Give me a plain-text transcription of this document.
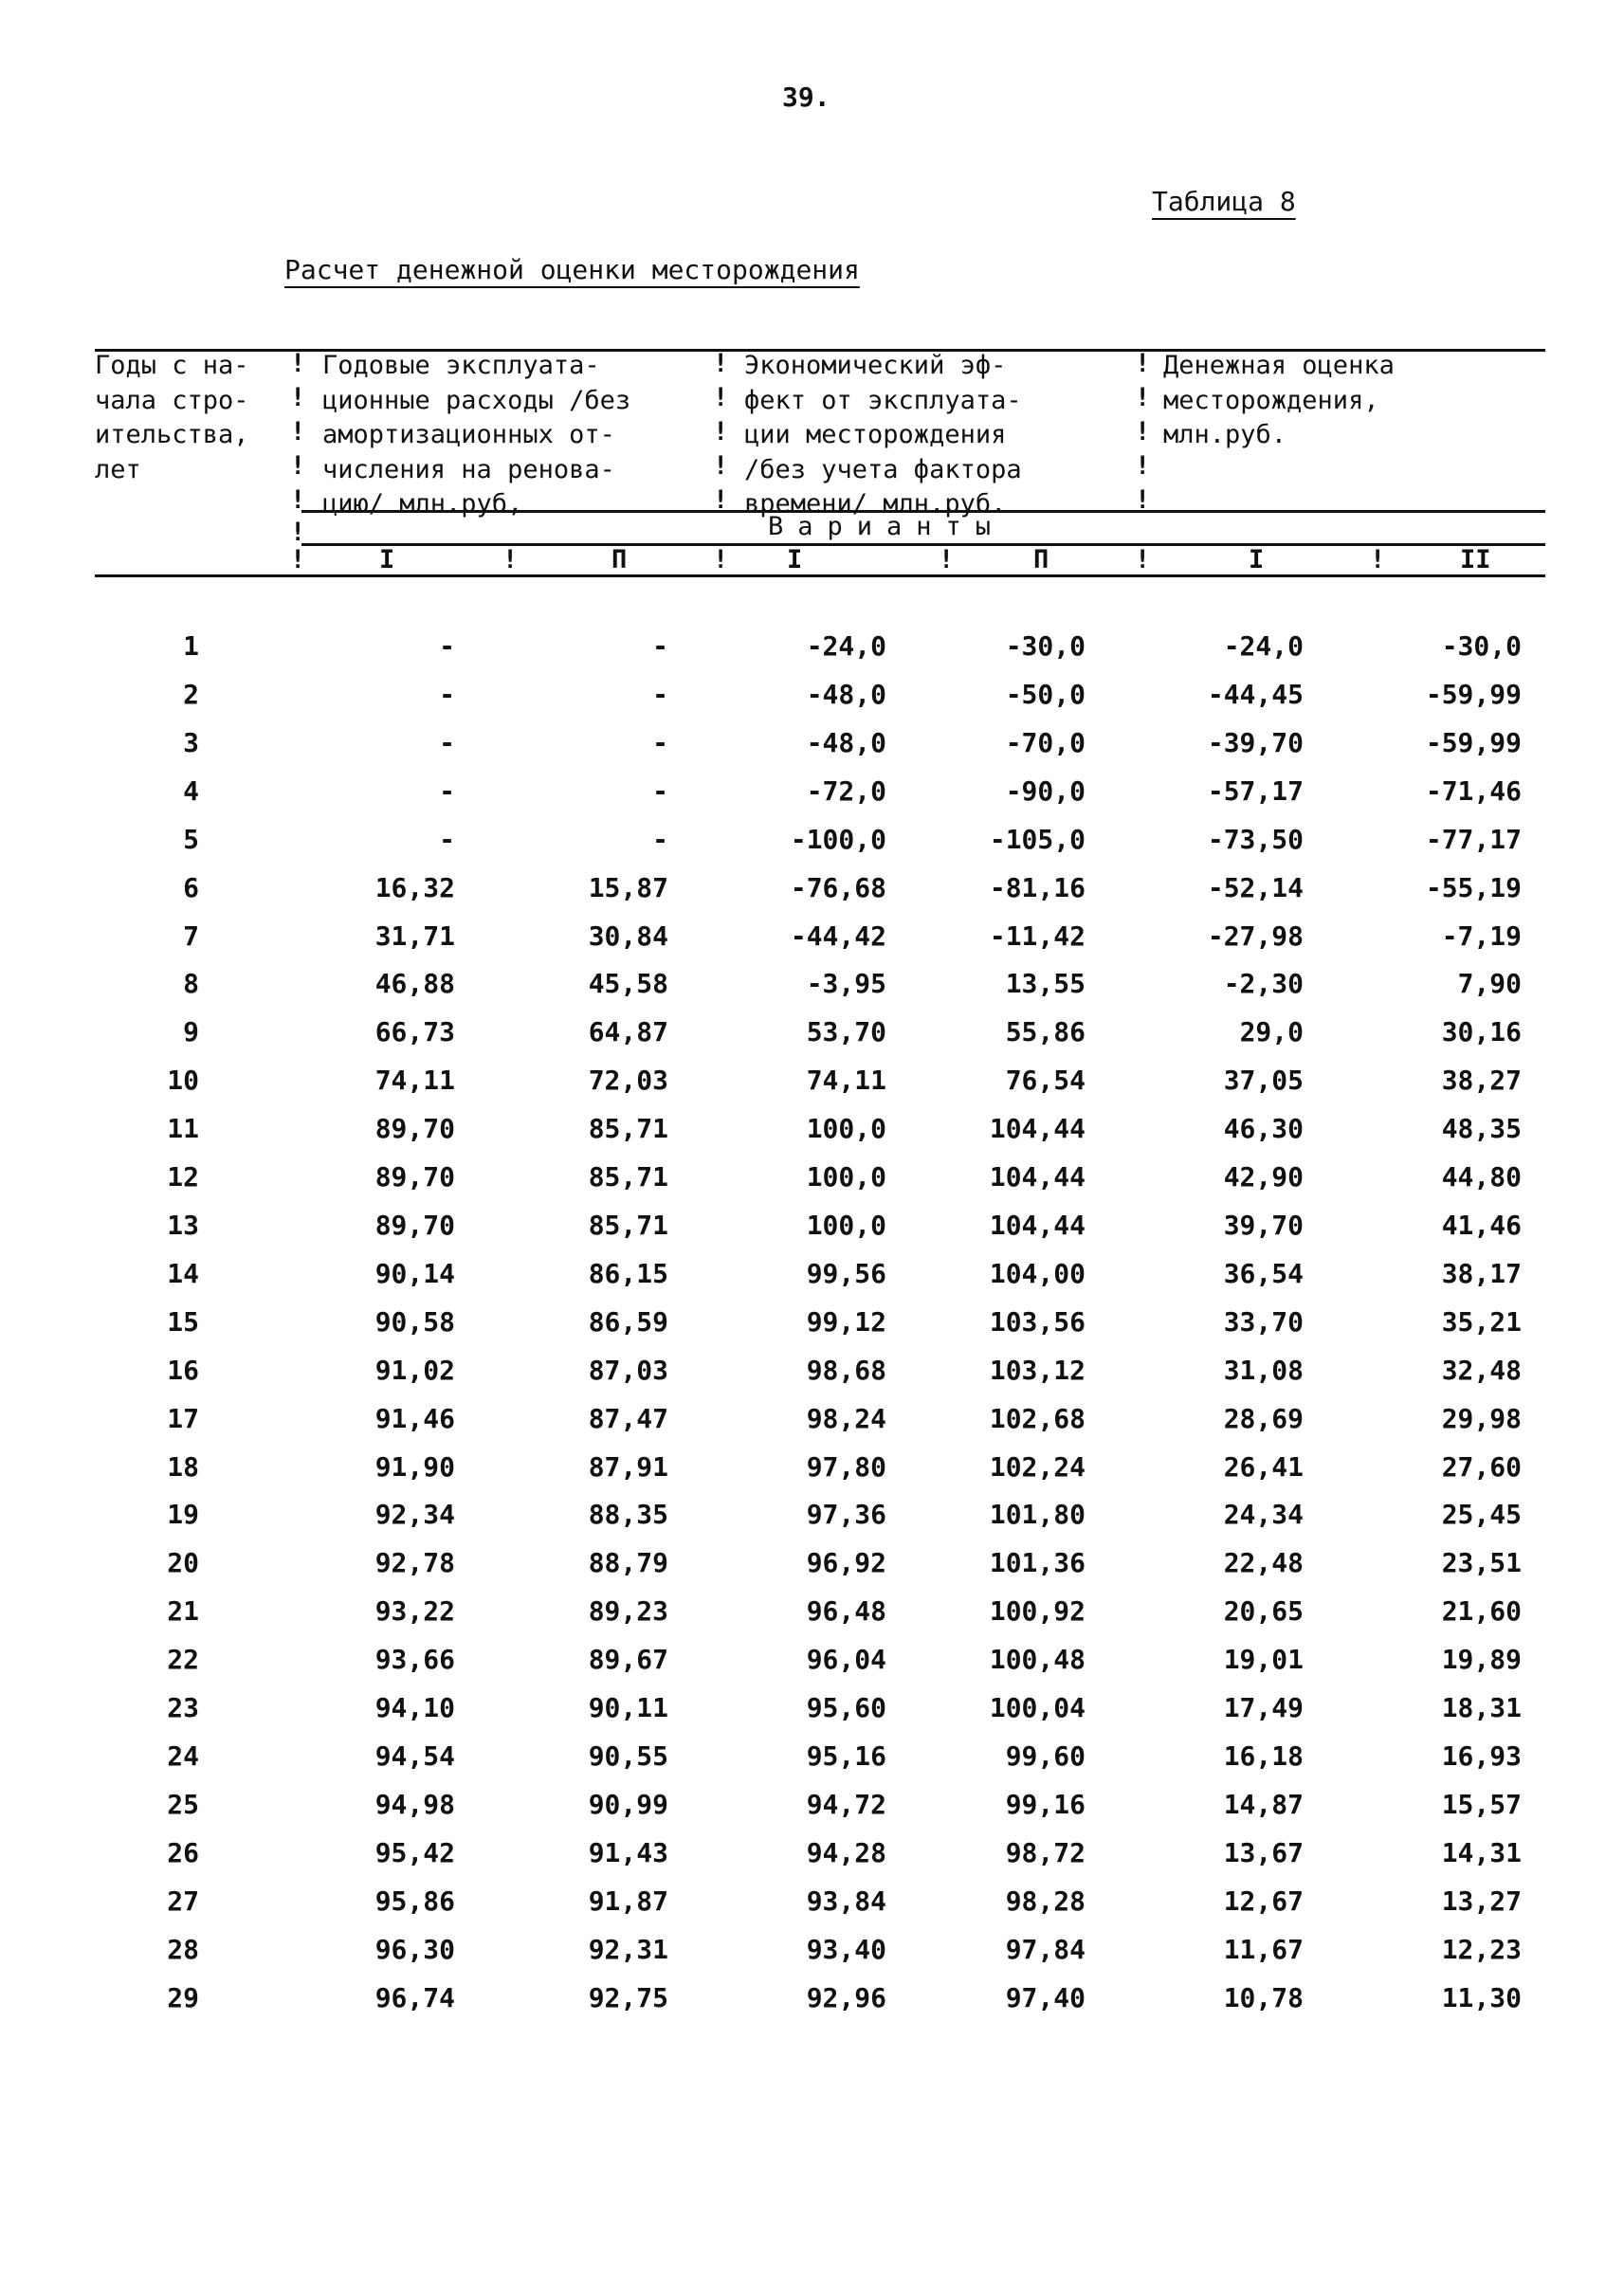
39.
Таблица 8
Расчет денежной оценки месторождения
Годы с на-
чала стро-
ительства,
лет
Годовые эксплуата-
ционные расходы /без
амортизационных от-
числения на ренова-
цию/ млн.руб,
Экономический эф-
фект от эксплуата-
ции месторождения
/без учета фактора
времени/ млн.руб.
Денежная оценка
месторождения,
млн.руб.
!
!
!
!
!
!
!
!
!
!
!
!
!
!
!
!
!
!
!
!	!	!
Варианты
I	П	I	П	I	II
1	-	-	-24,0	-30,0	-24,0	-30,0
2	-	-	-48,0	-50,0	-44,45	-59,99
3	-	-	-48,0	-70,0	-39,70	-59,99
4	-	-	-72,0	-90,0	-57,17	-71,46
5	-	-	-100,0	-105,0	-73,50	-77,17
6	16,32	15,87	-76,68	-81,16	-52,14	-55,19
7	31,71	30,84	-44,42	-11,42	-27,98	-7,19
8	46,88	45,58	-3,95	13,55	-2,30	7,90
9	66,73	64,87	53,70	55,86	29,0	30,16
10	74,11	72,03	74,11	76,54	37,05	38,27
11	89,70	85,71	100,0	104,44	46,30	48,35
12	89,70	85,71	100,0	104,44	42,90	44,80
13	89,70	85,71	100,0	104,44	39,70	41,46
14	90,14	86,15	99,56	104,00	36,54	38,17
15	90,58	86,59	99,12	103,56	33,70	35,21
16	91,02	87,03	98,68	103,12	31,08	32,48
17	91,46	87,47	98,24	102,68	28,69	29,98
18	91,90	87,91	97,80	102,24	26,41	27,60
19	92,34	88,35	97,36	101,80	24,34	25,45
20	92,78	88,79	96,92	101,36	22,48	23,51
21	93,22	89,23	96,48	100,92	20,65	21,60
22	93,66	89,67	96,04	100,48	19,01	19,89
23	94,10	90,11	95,60	100,04	17,49	18,31
24	94,54	90,55	95,16	99,60	16,18	16,93
25	94,98	90,99	94,72	99,16	14,87	15,57
26	95,42	91,43	94,28	98,72	13,67	14,31
27	95,86	91,87	93,84	98,28	12,67	13,27
28	96,30	92,31	93,40	97,84	11,67	12,23
29	96,74	92,75	92,96	97,40	10,78	11,30
